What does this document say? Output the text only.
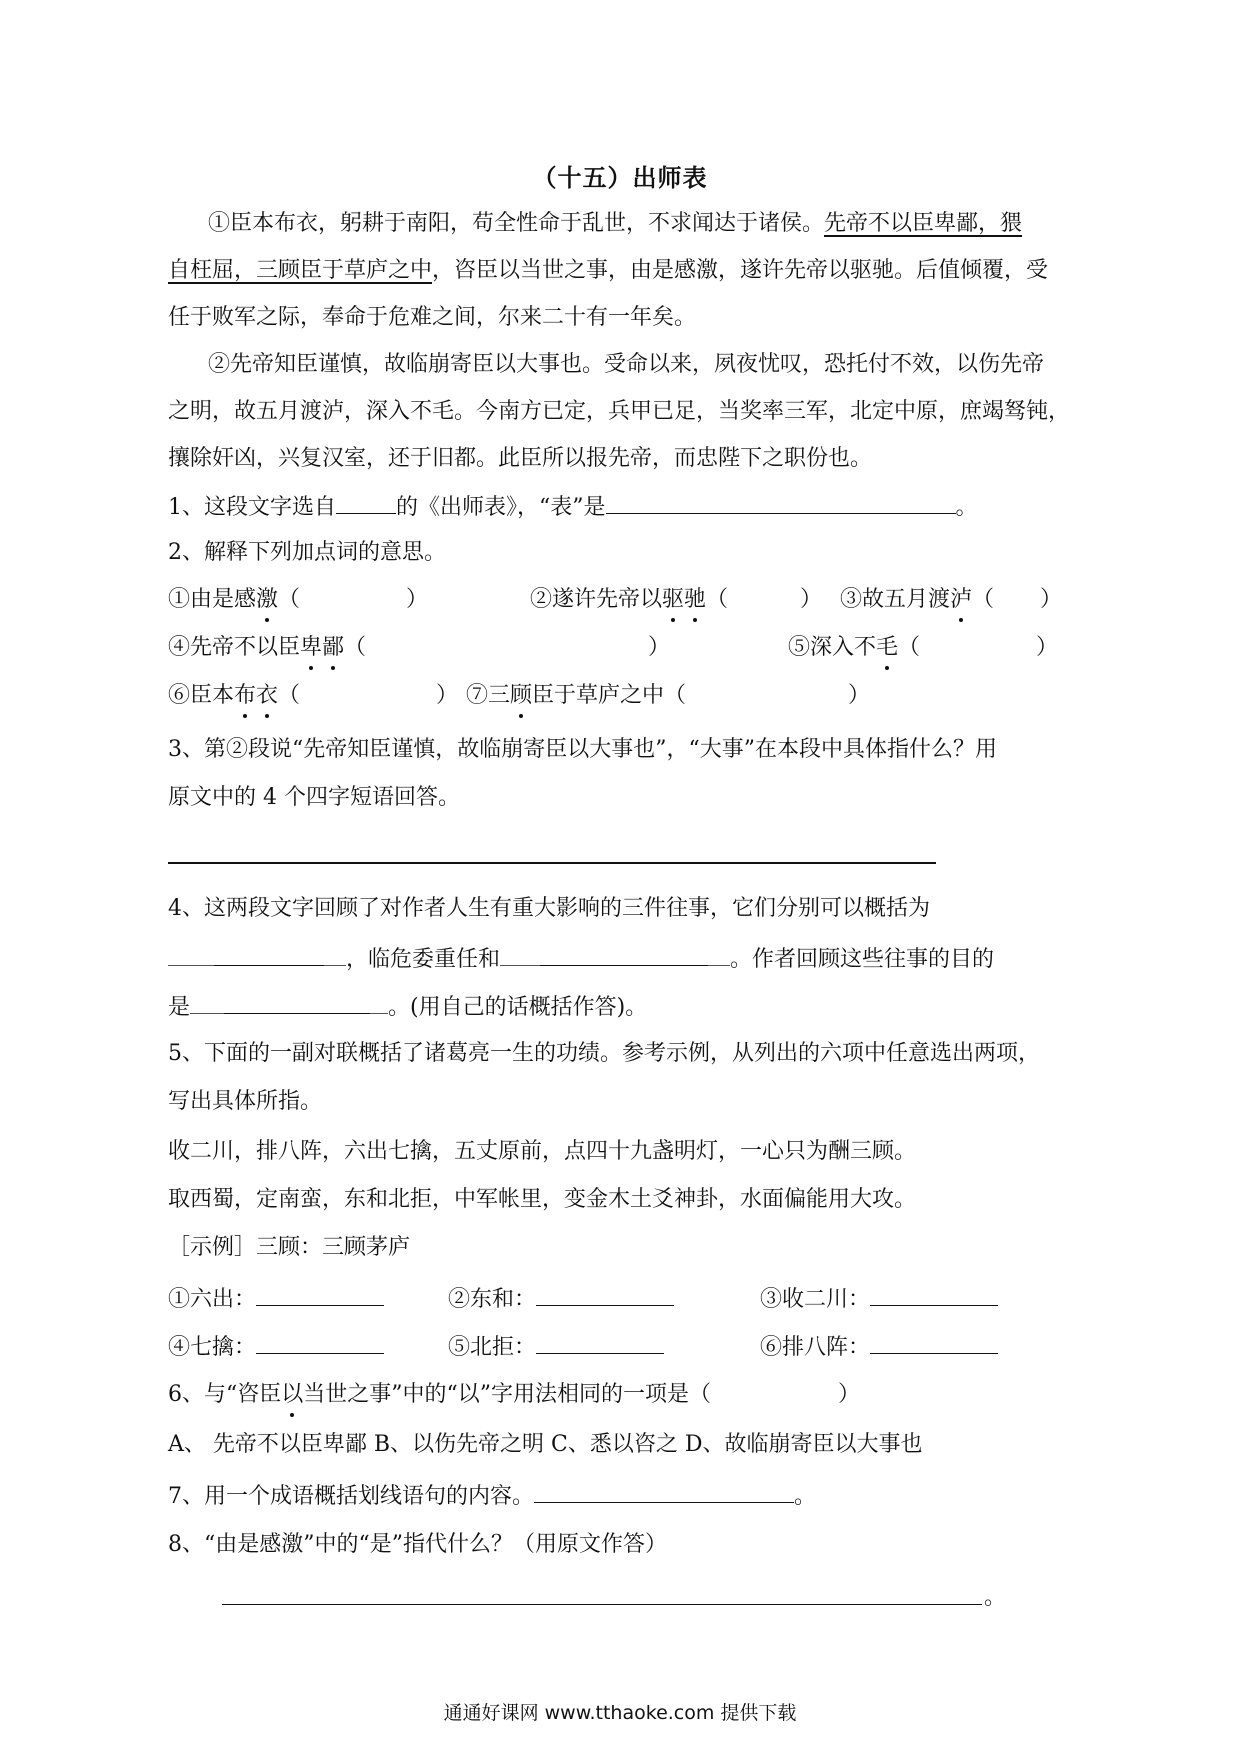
（十五）出师表
①臣本布衣，躬耕于南阳，苟全性命于乱世，不求闻达于诸侯。先帝不以臣卑鄙，猥
自枉屈，三顾臣于草庐之中，咨臣以当世之事，由是感激，遂许先帝以驱驰。后值倾覆，受
任于败军之际，奉命于危难之间，尔来二十有一年矣。
②先帝知臣谨慎，故临崩寄臣以大事也。受命以来，夙夜忧叹，恐托付不效，以伤先帝
之明，故五月渡泸，深入不毛。今南方已定，兵甲已足，当奖率三军，北定中原，庶竭驽钝，
攘除奸凶，兴复汉室，还于旧都。此臣所以报先帝，而忠陛下之职份也。
1、这段文字选自	的《出师表》，“表”是	。
2、解释下列加点词的意思。
①由是感激（	）	②遂许先帝以驱驰（	） ③故五月渡泸（ ）
④先帝不以臣卑鄙（	）	⑤深入不毛（	）
⑥臣本布衣（	） ⑦三顾臣于草庐之中（	）
3、第②段说“先帝知臣谨慎，故临崩寄臣以大事也”，“大事”在本段中具体指什么？用
原文中的 4 个四字短语回答。
4、这两段文字回顾了对作者人生有重大影响的三件往事，它们分别可以概括为
，临危委重任和	。作者回顾这些往事的目的
是	。(用自己的话概括作答)。
5、下面的一副对联概括了诸葛亮一生的功绩。参考示例，从列出的六项中任意选出两项，
写出具体所指。
收二川，排八阵，六出七擒，五丈原前，点四十九盏明灯，一心只为酬三顾。
取西蜀，定南蛮，东和北拒，中军帐里，变金木土爻神卦，水面偏能用大攻。
［示例］三顾：三顾茅庐
①六出：	②东和：	③收二川：
④七擒：	⑤北拒：	⑥排八阵：
6、与“咨臣以当世之事”中的“以”字用法相同的一项是（	）
A、 先帝不以臣卑鄙 B、以伤先帝之明 C、悉以咨之 D、故临崩寄臣以大事也
7、用一个成语概括划线语句的内容。	。
8、“由是感激”中的“是”指代什么？（用原文作答）
。
通通好课网 www.tthaoke.com 提供下载
